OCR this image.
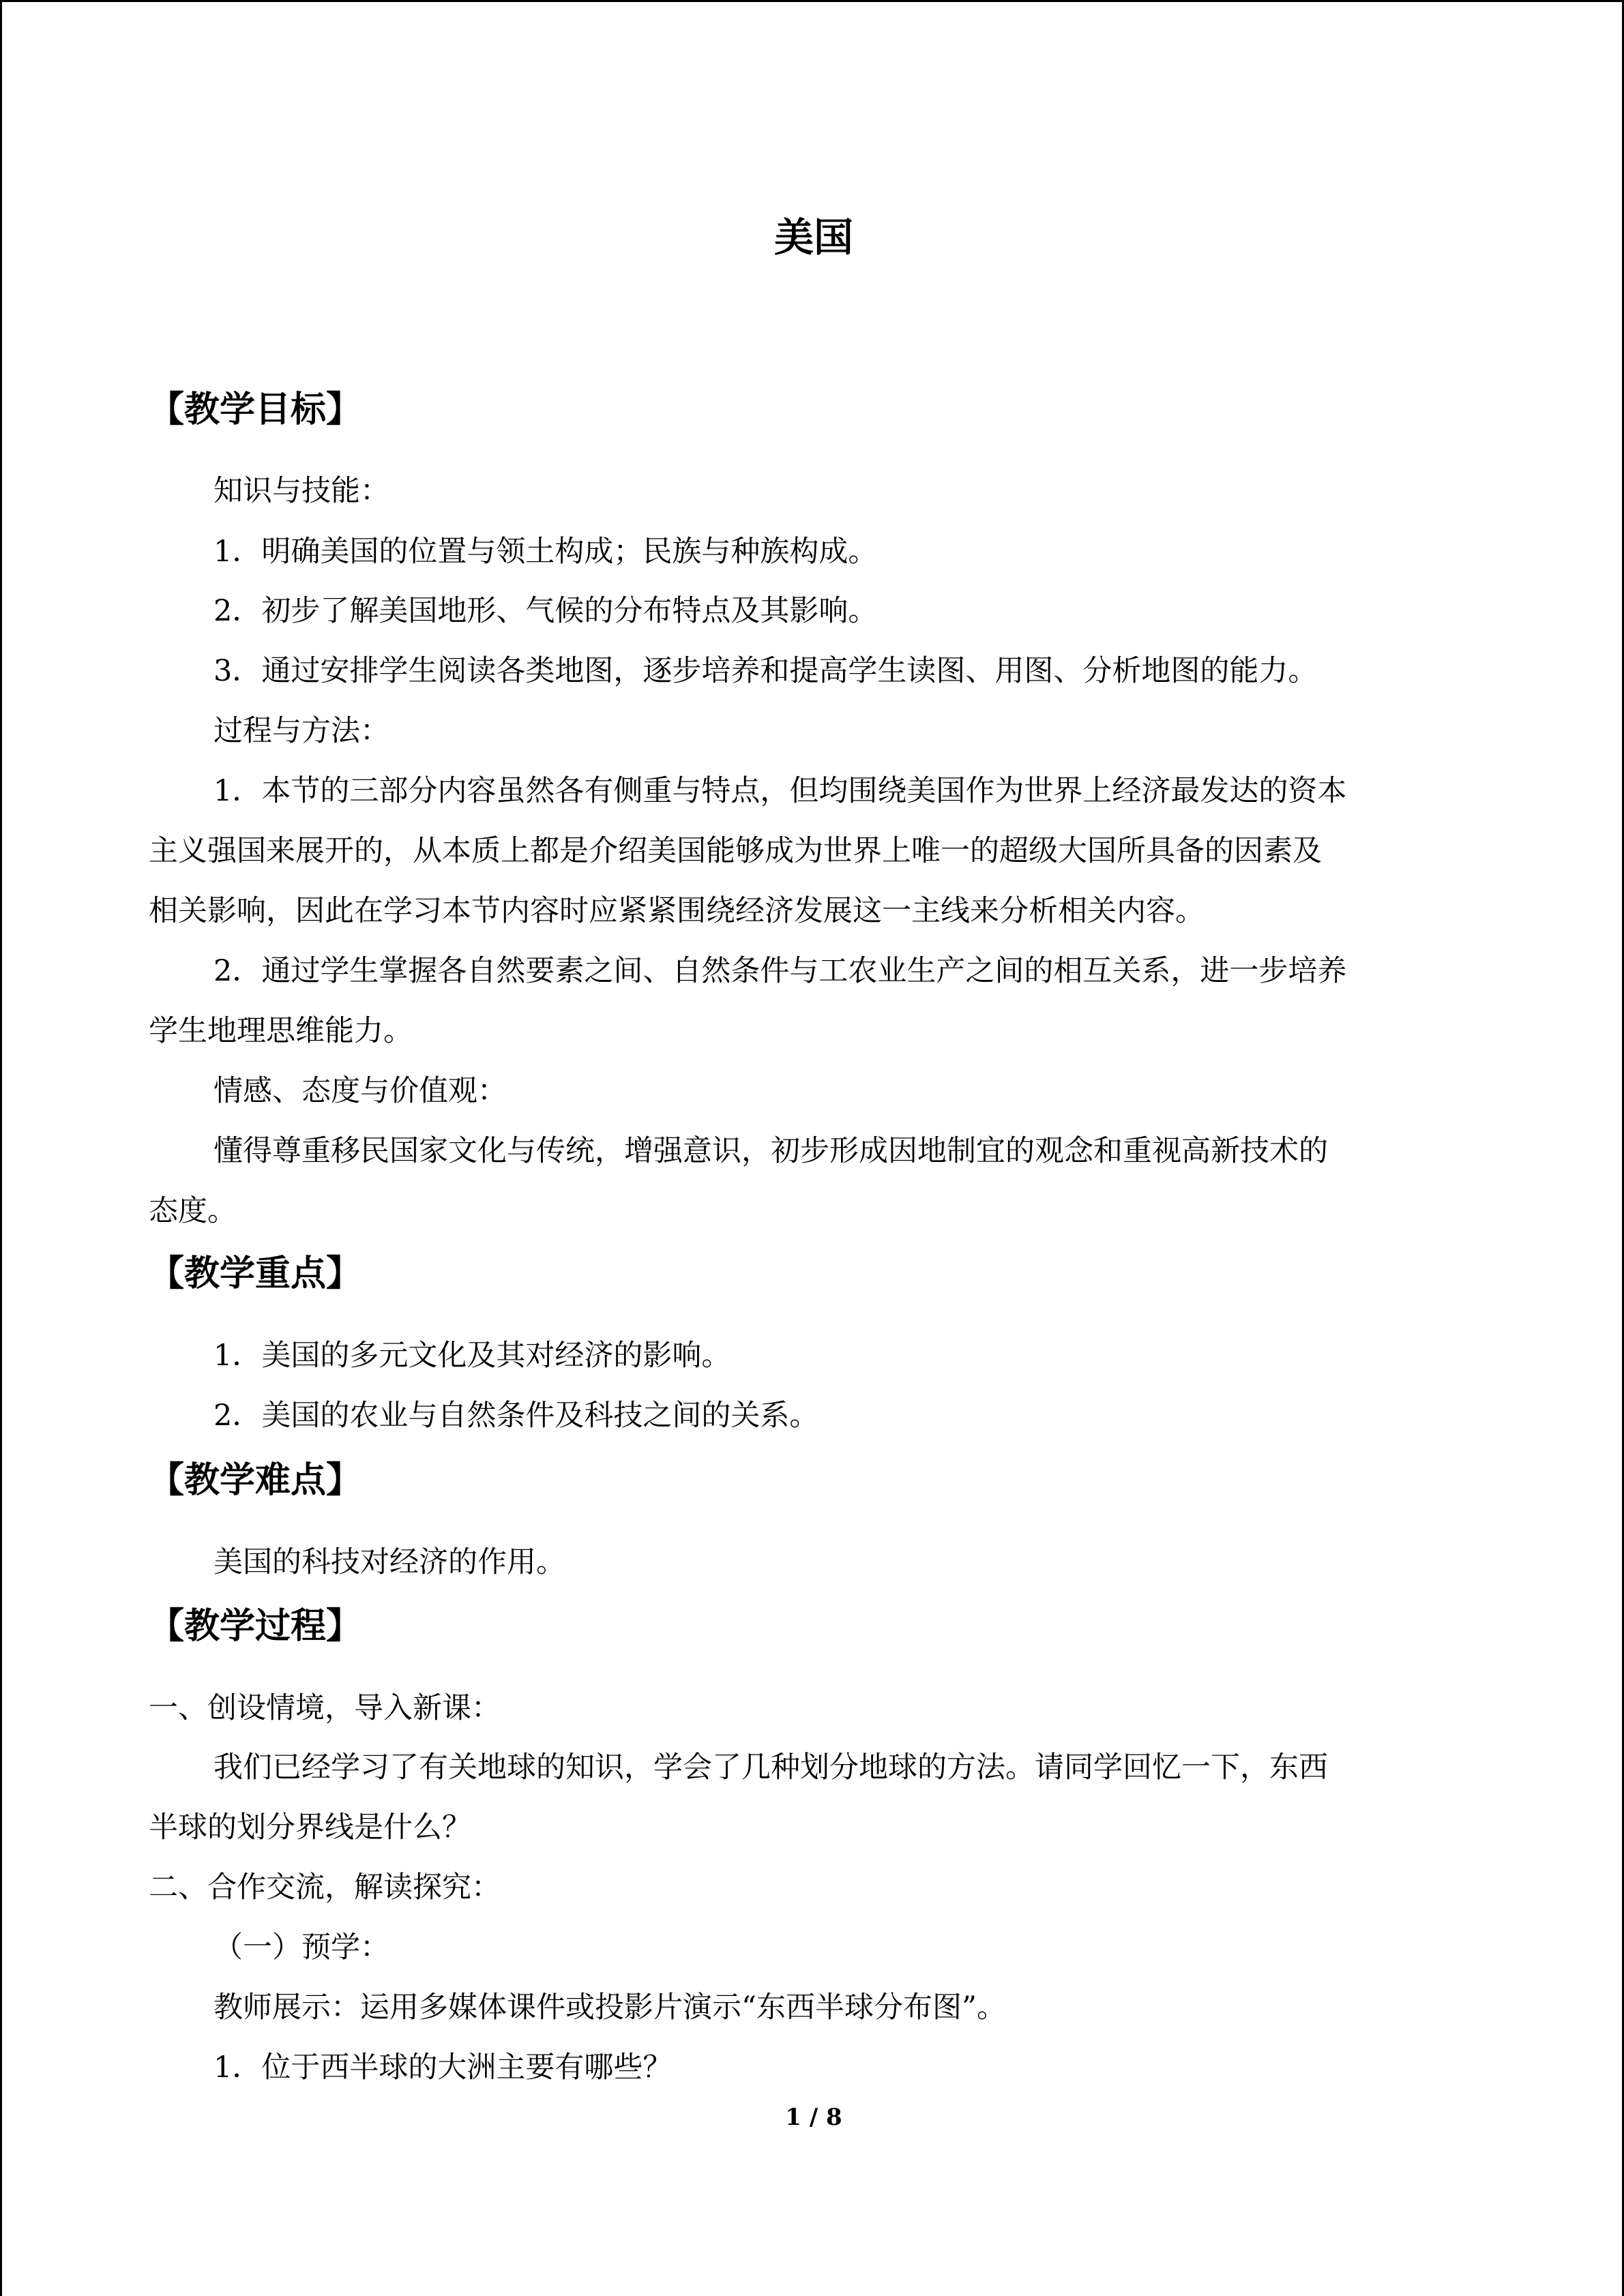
美国
【教学目标】
知识与技能：
1．明确美国的位置与领土构成；民族与种族构成。
2．初步了解美国地形、气候的分布特点及其影响。
3．通过安排学生阅读各类地图，逐步培养和提高学生读图、用图、分析地图的能力。
过程与方法：
1．本节的三部分内容虽然各有侧重与特点，但均围绕美国作为世界上经济最发达的资本
主义强国来展开的，从本质上都是介绍美国能够成为世界上唯一的超级大国所具备的因素及
相关影响，因此在学习本节内容时应紧紧围绕经济发展这一主线来分析相关内容。
2．通过学生掌握各自然要素之间、自然条件与工农业生产之间的相互关系，进一步培养
学生地理思维能力。
情感、态度与价值观：
懂得尊重移民国家文化与传统，增强意识，初步形成因地制宜的观念和重视高新技术的
态度。
【教学重点】
1．美国的多元文化及其对经济的影响。
2．美国的农业与自然条件及科技之间的关系。
【教学难点】
美国的科技对经济的作用。
【教学过程】
一、创设情境，导入新课：
我们已经学习了有关地球的知识，学会了几种划分地球的方法。请同学回忆一下，东西
半球的划分界线是什么？
二、合作交流，解读探究：
（一）预学：
教师展示：运用多媒体课件或投影片演示“东西半球分布图”。
1．位于西半球的大洲主要有哪些？
1 / 8
